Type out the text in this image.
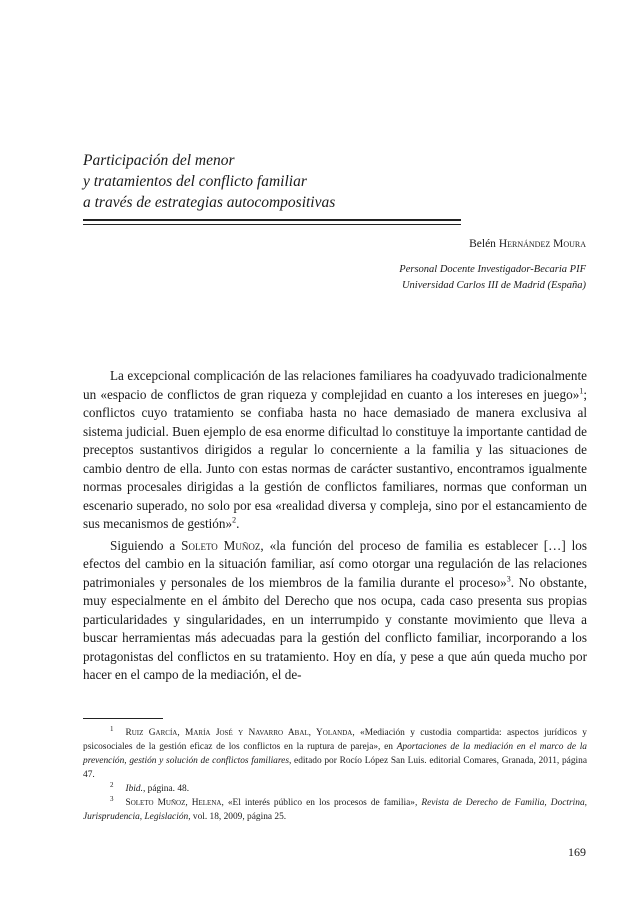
Participación del menor
y tratamientos del conflicto familiar
a través de estrategias autocompositivas
Belén Hernández Moura
Personal Docente Investigador-Becaria PIF
Universidad Carlos III de Madrid (España)

La excepcional complicación de las relaciones familiares ha coadyuvado tradicionalmente un «espacio de conflictos de gran riqueza y complejidad en cuanto a los intereses en juego»$^1$; conflictos cuyo tratamiento se confiaba hasta no hace demasiado de manera exclusiva al sistema judicial. Buen ejemplo de esa enorme dificultad lo constituye la importante cantidad de preceptos sustantivos dirigidos a regular lo concerniente a la familia y las situaciones de cambio dentro de ella. Junto con estas normas de carácter sustantivo, encontramos igualmente normas procesales dirigidas a la gestión de conflictos familiares, normas que conforman un escenario superado, no solo por esa «realidad diversa y compleja, sino por el estancamiento de sus mecanismos de gestión»$^2$.

Siguiendo a Soleto Muñoz, «la función del proceso de familia es establecer […] los efectos del cambio en la situación familiar, así como otorgar una regulación de las relaciones patrimoniales y personales de los miembros de la familia durante el proceso»$^3$. No obstante, muy especialmente en el ámbito del Derecho que nos ocupa, cada caso presenta sus propias particularidades y singularidades, en un interrumpido y constante movimiento que lleva a buscar herramientas más adecuadas para la gestión del conflicto familiar, incorporando a los protagonistas del conflictos en su tratamiento. Hoy en día, y pese a que aún queda mucho por hacer en el campo de la mediación, el de-

$^1$ Ruiz García, María José y Navarro Abal, Yolanda, «Mediación y custodia compartida: aspectos jurídicos y psicosociales de la gestión eficaz de los conflictos en la ruptura de pareja», en Aportaciones de la mediación en el marco de la prevención, gestión y solución de conflictos familiares, editado por Rocío López San Luis. editorial Comares, Granada, 2011, página 47.

$^2$ Ibid., página. 48.

$^3$ Soleto Muñoz, Helena, «El interés público en los procesos de familia», Revista de Derecho de Familia, Doctrina, Jurisprudencia, Legislación, vol. 18, 2009, página 25.

169
